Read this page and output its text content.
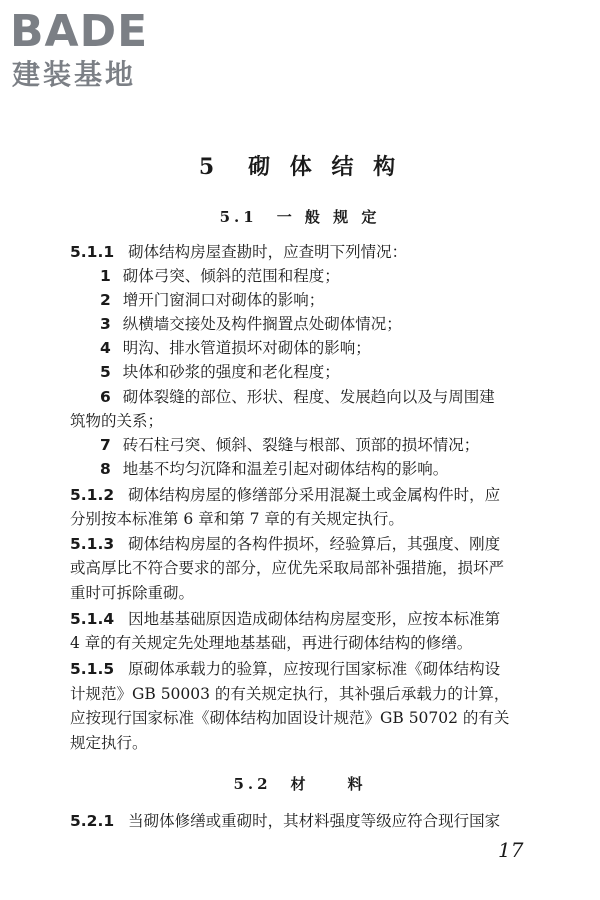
BADE
建装基地
5　砌 体 结 构
5.1　一 般 规 定
5.1.1 砌体结构房屋查勘时，应查明下列情况：
1 砌体弓突、倾斜的范围和程度；
2 增开门窗洞口对砌体的影响；
3 纵横墙交接处及构件搁置点处砌体情况；
4 明沟、排水管道损坏对砌体的影响；
5 块体和砂浆的强度和老化程度；
6 砌体裂缝的部位、形状、程度、发展趋向以及与周围建
筑物的关系；
7 砖石柱弓突、倾斜、裂缝与根部、顶部的损坏情况；
8 地基不均匀沉降和温差引起对砌体结构的影响。
5.1.2 砌体结构房屋的修缮部分采用混凝土或金属构件时，应
分别按本标准第 6 章和第 7 章的有关规定执行。
5.1.3 砌体结构房屋的各构件损坏，经验算后，其强度、刚度
或高厚比不符合要求的部分，应优先采取局部补强措施，损坏严
重时可拆除重砌。
5.1.4 因地基基础原因造成砌体结构房屋变形，应按本标准第
4 章的有关规定先处理地基基础，再进行砌体结构的修缮。
5.1.5 原砌体承载力的验算，应按现行国家标准《砌体结构设
计规范》GB 50003 的有关规定执行，其补强后承载力的计算，
应按现行国家标准《砌体结构加固设计规范》GB 50702 的有关
规定执行。
5.2　材　　料
5.2.1 当砌体修缮或重砌时，其材料强度等级应符合现行国家
17
